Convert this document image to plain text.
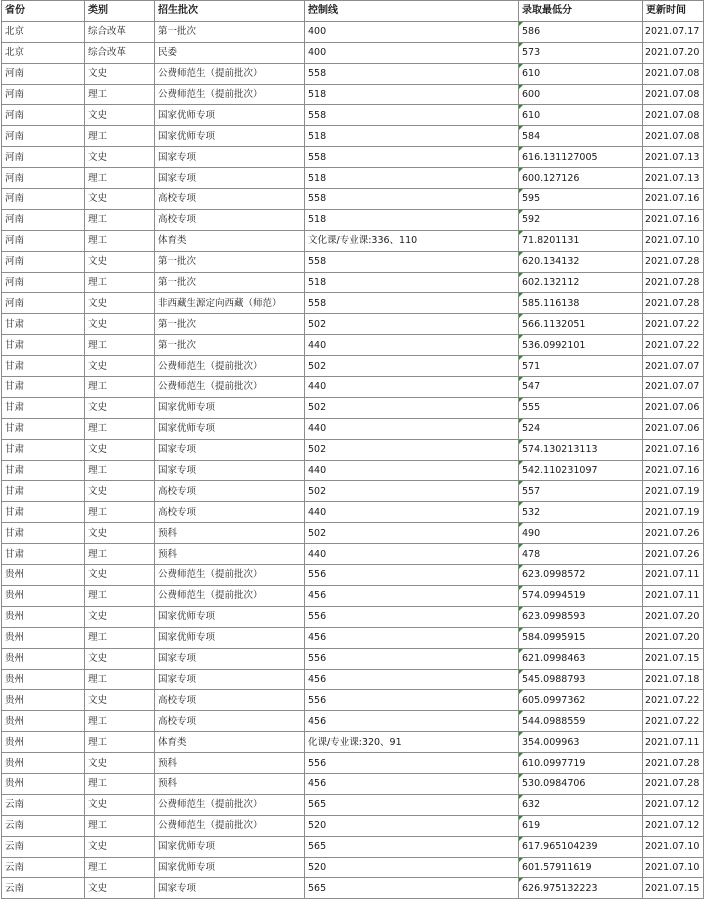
省份	类别	招生批次	控制线	录取最低分	更新时间
北京	综合改革	第一批次	400	586	2021.07.17
北京	综合改革	民委	400	573	2021.07.20
河南	文史	公费师范生（提前批次）	558	610	2021.07.08
河南	理工	公费师范生（提前批次）	518	600	2021.07.08
河南	文史	国家优师专项	558	610	2021.07.08
河南	理工	国家优师专项	518	584	2021.07.08
河南	文史	国家专项	558	616.131127005	2021.07.13
河南	理工	国家专项	518	600.127126	2021.07.13
河南	文史	高校专项	558	595	2021.07.16
河南	理工	高校专项	518	592	2021.07.16
河南	理工	体育类	文化课/专业课:336、110	71.8201131	2021.07.10
河南	文史	第一批次	558	620.134132	2021.07.28
河南	理工	第一批次	518	602.132112	2021.07.28
河南	文史	非西藏生源定向西藏（师范）	558	585.116138	2021.07.28
甘肃	文史	第一批次	502	566.1132051	2021.07.22
甘肃	理工	第一批次	440	536.0992101	2021.07.22
甘肃	文史	公费师范生（提前批次）	502	571	2021.07.07
甘肃	理工	公费师范生（提前批次）	440	547	2021.07.07
甘肃	文史	国家优师专项	502	555	2021.07.06
甘肃	理工	国家优师专项	440	524	2021.07.06
甘肃	文史	国家专项	502	574.130213113	2021.07.16
甘肃	理工	国家专项	440	542.110231097	2021.07.16
甘肃	文史	高校专项	502	557	2021.07.19
甘肃	理工	高校专项	440	532	2021.07.19
甘肃	文史	预科	502	490	2021.07.26
甘肃	理工	预科	440	478	2021.07.26
贵州	文史	公费师范生（提前批次）	556	623.0998572	2021.07.11
贵州	理工	公费师范生（提前批次）	456	574.0994519	2021.07.11
贵州	文史	国家优师专项	556	623.0998593	2021.07.20
贵州	理工	国家优师专项	456	584.0995915	2021.07.20
贵州	文史	国家专项	556	621.0998463	2021.07.15
贵州	理工	国家专项	456	545.0988793	2021.07.18
贵州	文史	高校专项	556	605.0997362	2021.07.22
贵州	理工	高校专项	456	544.0988559	2021.07.22
贵州	理工	体育类	化课/专业课:320、91	354.009963	2021.07.11
贵州	文史	预科	556	610.0997719	2021.07.28
贵州	理工	预科	456	530.0984706	2021.07.28
云南	文史	公费师范生（提前批次）	565	632	2021.07.12
云南	理工	公费师范生（提前批次）	520	619	2021.07.12
云南	文史	国家优师专项	565	617.965104239	2021.07.10
云南	理工	国家优师专项	520	601.57911619	2021.07.10
云南	文史	国家专项	565	626.975132223	2021.07.15
